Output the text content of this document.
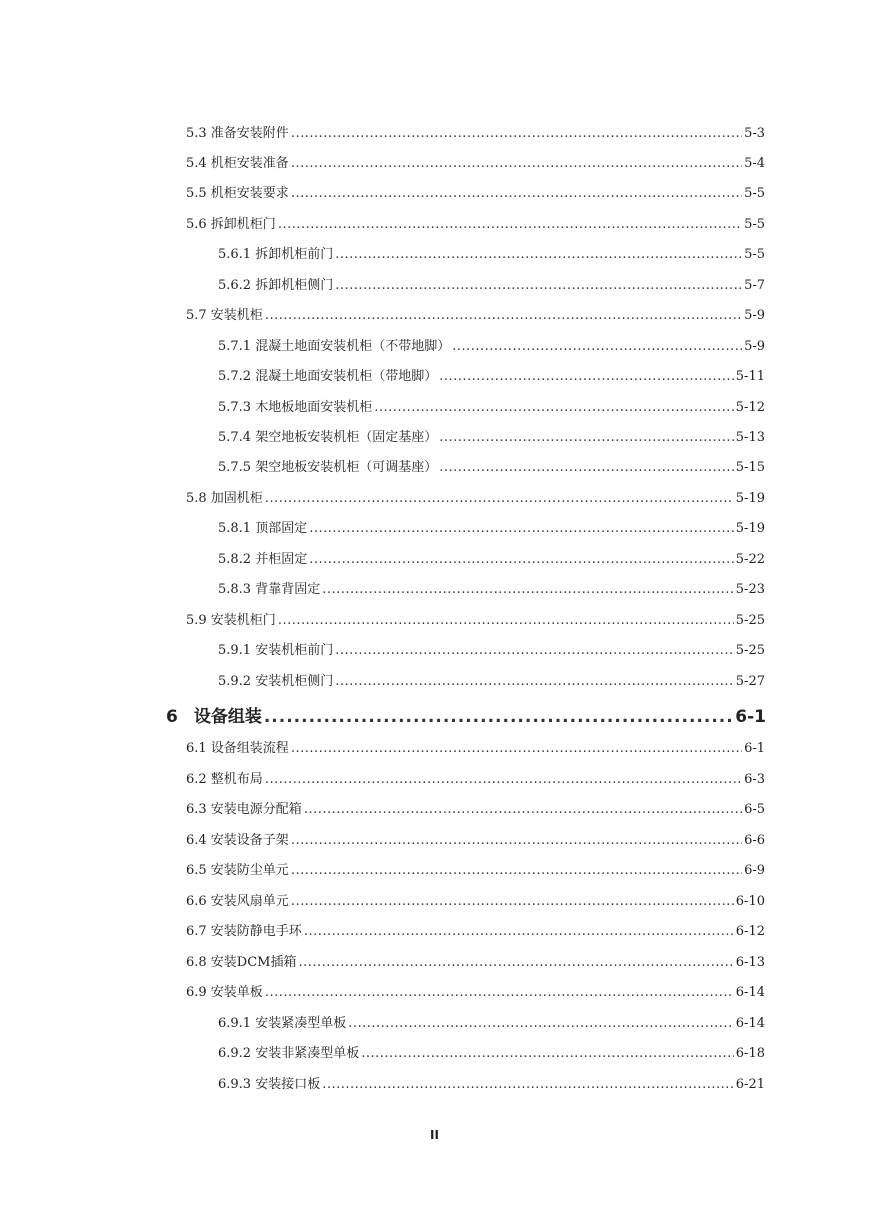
5.3 准备安装附件 .....	5-3
5.4 机柜安装准备 .....	5-4
5.5 机柜安装要求 .....	5-5
5.6 拆卸机柜门 .....	5-5
5.6.1 拆卸机柜前门 .....	5-5
5.6.2 拆卸机柜侧门 .....	5-7
5.7 安装机柜 .....	5-9
5.7.1 混凝土地面安装机柜（不带地脚） .....	5-9
5.7.2 混凝土地面安装机柜（带地脚） .....	5-11
5.7.3 木地板地面安装机柜 .....	5-12
5.7.4 架空地板安装机柜（固定基座） .....	5-13
5.7.5 架空地板安装机柜（可调基座） .....	5-15
5.8 加固机柜 .....	5-19
5.8.1 顶部固定 .....	5-19
5.8.2 并柜固定 .....	5-22
5.8.3 背靠背固定 .....	5-23
5.9 安装机柜门 .....	5-25
5.9.1 安装机柜前门 .....	5-25
5.9.2 安装机柜侧门 .....	5-27
6 设备组装 .....	6-1
6.1 设备组装流程 .....	6-1
6.2 整机布局 .....	6-3
6.3 安装电源分配箱 .....	6-5
6.4 安装设备子架 .....	6-6
6.5 安装防尘单元 .....	6-9
6.6 安装风扇单元 .....	6-10
6.7 安装防静电手环 .....	6-12
6.8 安装DCM插箱 .....	6-13
6.9 安装单板 .....	6-14
6.9.1 安装紧凑型单板 .....	6-14
6.9.2 安装非紧凑型单板 .....	6-18
6.9.3 安装接口板 .....	6-21
II
